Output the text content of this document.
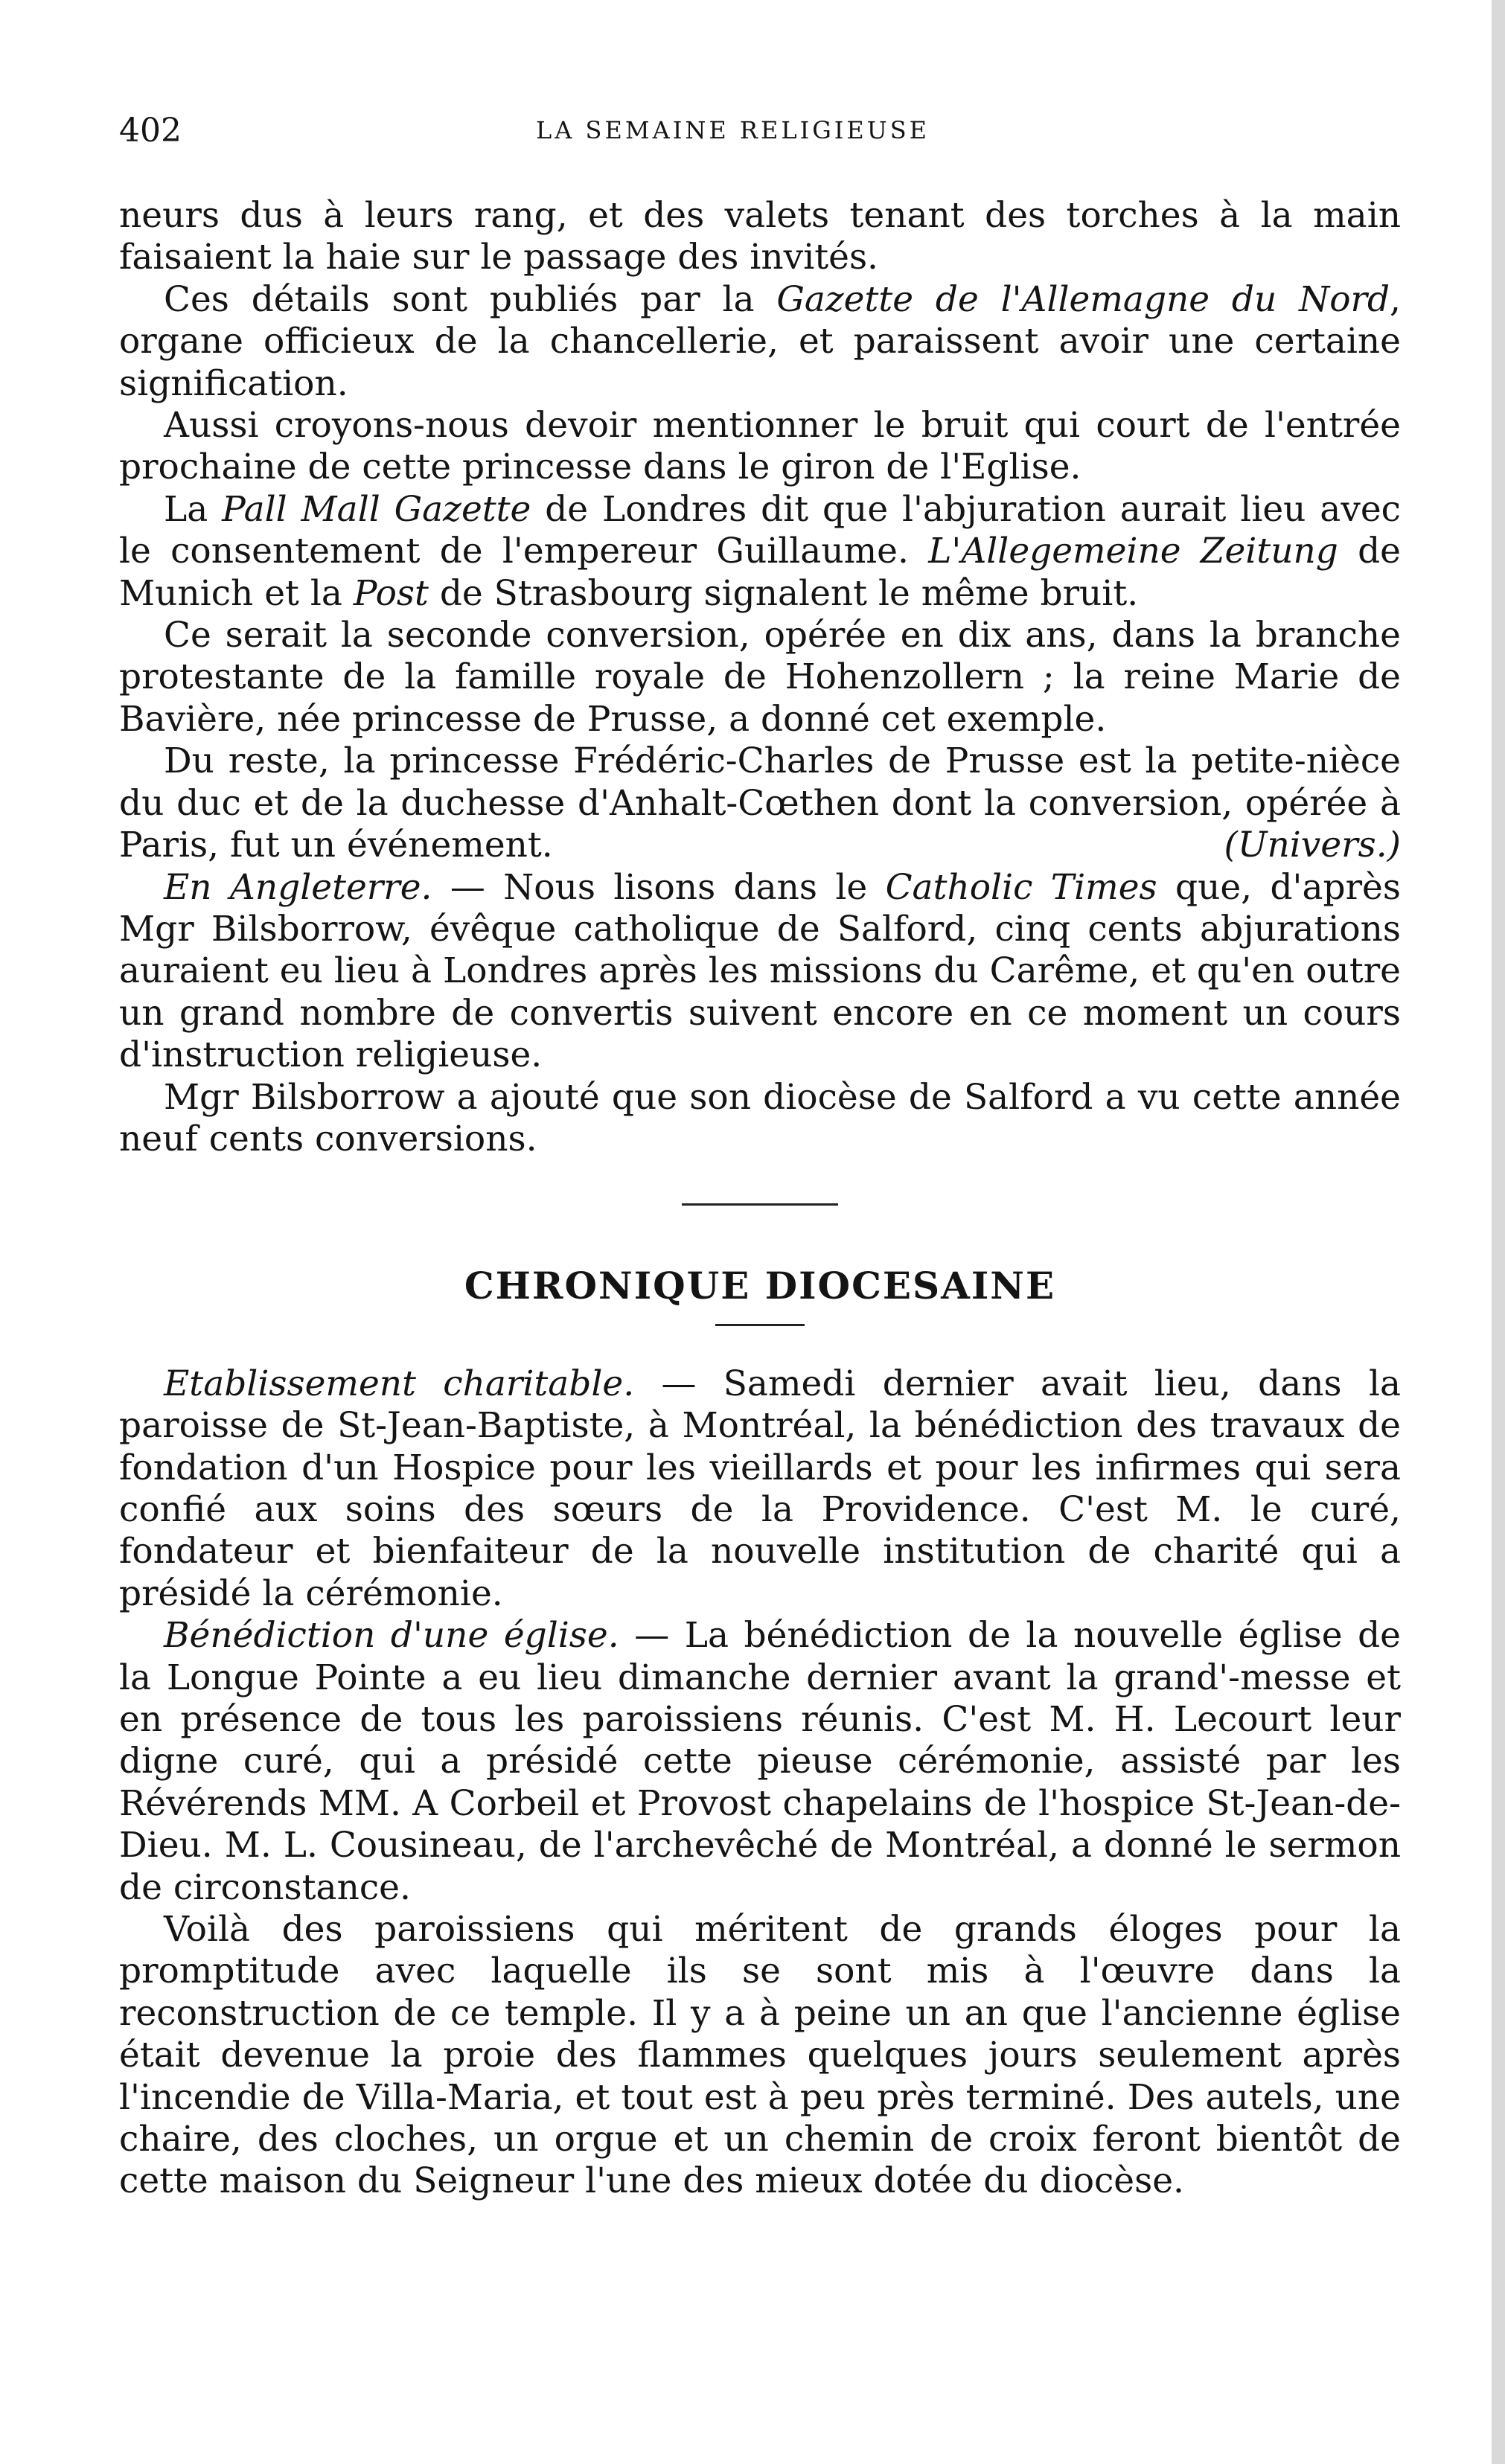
402	LA SEMAINE RELIGIEUSE

neurs dus à leurs rang, et des valets tenant des torches à la main faisaient la haie sur le passage des invités.

Ces détails sont publiés par la Gazette de l'Allemagne du Nord, organe officieux de la chancellerie, et paraissent avoir une certaine signification.

Aussi croyons-nous devoir mentionner le bruit qui court de l'entrée prochaine de cette princesse dans le giron de l'Eglise.

La Pall Mall Gazette de Londres dit que l'abjuration aurait lieu avec le consentement de l'empereur Guillaume. L'Allegemeine Zeitung de Munich et la Post de Strasbourg signalent le même bruit.

Ce serait la seconde conversion, opérée en dix ans, dans la branche protestante de la famille royale de Hohenzollern ; la reine Marie de Bavière, née princesse de Prusse, a donné cet exemple.

Du reste, la princesse Frédéric-Charles de Prusse est la petite-nièce du duc et de la duchesse d'Anhalt-Cœthen dont la conversion, opérée à Paris, fut un événement.	(Univers.)

En Angleterre. — Nous lisons dans le Catholic Times que, d'après Mgr Bilsborrow, évêque catholique de Salford, cinq cents abjurations auraient eu lieu à Londres après les missions du Carême, et qu'en outre un grand nombre de convertis suivent encore en ce moment un cours d'instruction religieuse.

Mgr Bilsborrow a ajouté que son diocèse de Salford a vu cette année neuf cents conversions.

CHRONIQUE DIOCESAINE

Etablissement charitable. — Samedi dernier avait lieu, dans la paroisse de St-Jean-Baptiste, à Montréal, la bénédiction des travaux de fondation d'un Hospice pour les vieillards et pour les infirmes qui sera confié aux soins des sœurs de la Providence. C'est M. le curé, fondateur et bienfaiteur de la nouvelle institution de charité qui a présidé la cérémonie.

Bénédiction d'une église. — La bénédiction de la nouvelle église de la Longue Pointe a eu lieu dimanche dernier avant la grand'-messe et en présence de tous les paroissiens réunis. C'est M. H. Lecourt leur digne curé, qui a présidé cette pieuse cérémonie, assisté par les Révérends MM. A Corbeil et Provost chapelains de l'hospice St-Jean-de-Dieu. M. L. Cousineau, de l'archevêché de Montréal, a donné le sermon de circonstance.

Voilà des paroissiens qui méritent de grands éloges pour la promptitude avec laquelle ils se sont mis à l'œuvre dans la reconstruction de ce temple. Il y a à peine un an que l'ancienne église était devenue la proie des flammes quelques jours seulement après l'incendie de Villa-Maria, et tout est à peu près terminé. Des autels, une chaire, des cloches, un orgue et un chemin de croix feront bientôt de cette maison du Seigneur l'une des mieux dotée du diocèse.
